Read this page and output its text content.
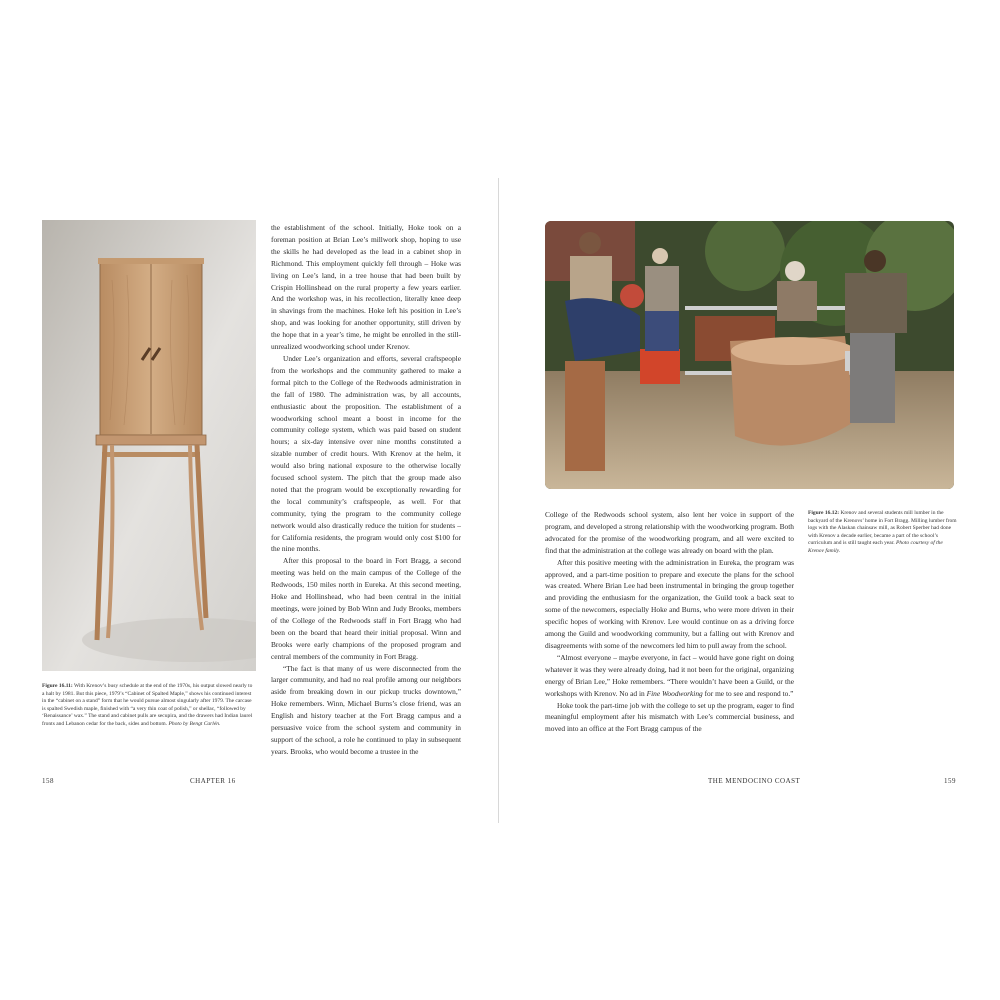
Figure 16.11: With Krenov’s busy schedule at the end of the 1970s, his output slowed nearly to a halt by 1981. But this piece, 1979’s “Cabinet of Spalted Maple,” shows his continued interest in the “cabinet on a stand” form that he would pursue almost singularly after 1979. The carcase is spalted Swedish maple, finished with “a very thin coat of polish,” or shellac, “followed by ‘Renaissance’ wax.” The stand and cabinet pulls are secupira, and the drawers had Indian laurel fronts and Lebanon cedar for the back, sides and bottom. Photo by Bengt Carlén.

the establishment of the school. Initially, Hoke took on a foreman position at Brian Lee’s millwork shop, hoping to use the skills he had developed as the lead in a cabinet shop in Richmond. This employment quickly fell through – Hoke was living on Lee’s land, in a tree house that had been built by Crispin Hollinshead on the rural property a few years earlier. And the workshop was, in his recollection, literally knee deep in shavings from the machines. Hoke left his position in Lee’s shop, and was looking for another opportunity, still driven by the hope that in a year’s time, he might be enrolled in the still-unrealized woodworking school under Krenov.

Under Lee’s organization and efforts, several craftspeople from the workshops and the community gathered to make a formal pitch to the College of the Redwoods administration in the fall of 1980. The administration was, by all accounts, enthusiastic about the proposition. The establishment of a woodworking school meant a boost in income for the community college system, which was paid based on student hours; a six-day intensive over nine months constituted a sizable number of credit hours. With Krenov at the helm, it would also bring national exposure to the otherwise locally focused school system. The pitch that the group made also noted that the program would be exceptionally rewarding for the local community’s craftspeople, as well. For that community, tying the program to the community college network would also drastically reduce the tuition for students – for California residents, the program would only cost $100 for the nine months.

After this proposal to the board in Fort Bragg, a second meeting was held on the main campus of the College of the Redwoods, 150 miles north in Eureka. At this second meeting, Hoke and Hollinshead, who had been central in the initial meetings, were joined by Bob Winn and Judy Brooks, members of the College of the Redwoods staff in Fort Bragg who had been on the board that heard their initial proposal. Winn and Brooks were early champions of the proposed program and central members of the community in Fort Bragg.

“The fact is that many of us were disconnected from the larger community, and had no real profile among our neighbors aside from breaking down in our pickup trucks downtown,” Hoke remembers. Winn, Michael Burns’s close friend, was an English and history teacher at the Fort Bragg campus and a persuasive voice from the school system and community in support of the school, a role he continued to play in subsequent years. Brooks, who would become a trustee in the

158	CHAPTER 16

College of the Redwoods school system, also lent her voice in support of the program, and developed a strong relationship with the woodworking program. Both advocated for the promise of the woodworking program, and all were excited to find that the administration at the college was already on board with the plan.

After this positive meeting with the administration in Eureka, the program was approved, and a part-time position to prepare and execute the plans for the school was created. Where Brian Lee had been instrumental in bringing the group together and providing the enthusiasm for the organization, the Guild took a back seat to some of the newcomers, especially Hoke and Burns, who were more driven in their specific hopes of working with Krenov. Lee would continue on as a driving force among the Guild and woodworking community, but a falling out with Krenov and disagreements with some of the newcomers led him to pull away from the school.

“Almost everyone – maybe everyone, in fact – would have gone right on doing whatever it was they were already doing, had it not been for the original, organizing energy of Brian Lee,” Hoke remembers. “There wouldn’t have been a Guild, or the workshops with Krenov. No ad in Fine Woodworking for me to see and respond to.”

Hoke took the part-time job with the college to set up the program, eager to find meaningful employment after his mismatch with Lee’s commercial business, and moved into an office at the Fort Bragg campus of the

Figure 16.12: Krenov and several students mill lumber in the backyard of the Krenovs’ home in Fort Bragg. Milling lumber from logs with the Alaskan chainsaw mill, as Robert Sperber had done with Krenov a decade earlier, became a part of the school’s curriculum and is still taught each year. Photo courtesy of the Krenov family.
THE MENDOCINO COAST	159
